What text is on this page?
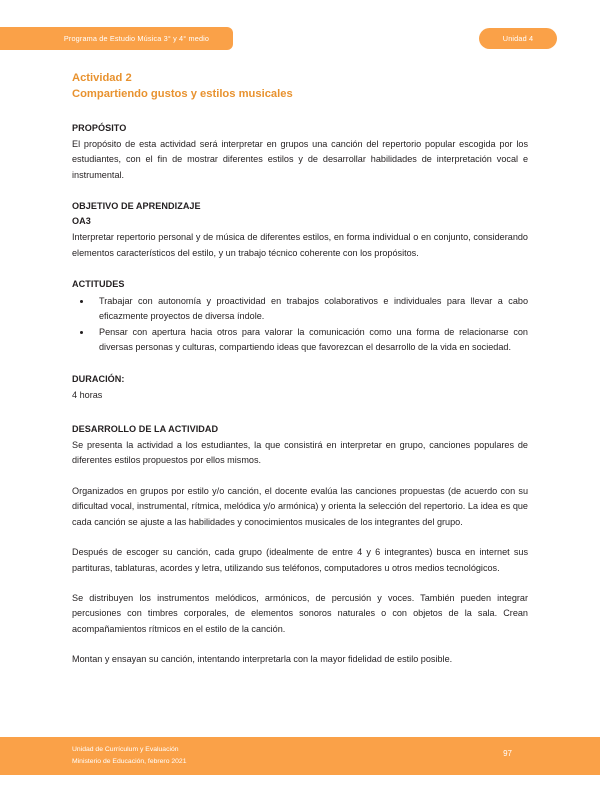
Programa de Estudio Música 3° y 4° medio	Unidad 4
Actividad 2
Compartiendo gustos y estilos musicales
PROPÓSITO

El propósito de esta actividad será interpretar en grupos una canción del repertorio popular escogida por los estudiantes, con el fin de mostrar diferentes estilos y de desarrollar habilidades de interpretación vocal e instrumental.

OBJETIVO DE APRENDIZAJE
OA3

Interpretar repertorio personal y de música de diferentes estilos, en forma individual o en conjunto, considerando elementos característicos del estilo, y un trabajo técnico coherente con los propósitos.

ACTITUDES
Trabajar con autonomía y proactividad en trabajos colaborativos e individuales para llevar a cabo eficazmente proyectos de diversa índole.
Pensar con apertura hacia otros para valorar la comunicación como una forma de relacionarse con diversas personas y culturas, compartiendo ideas que favorezcan el desarrollo de la vida en sociedad.
DURACIÓN:

4 horas

DESARROLLO DE LA ACTIVIDAD

Se presenta la actividad a los estudiantes, la que consistirá en interpretar en grupo, canciones populares de diferentes estilos propuestos por ellos mismos.

Organizados en grupos por estilo y/o canción, el docente evalúa las canciones propuestas (de acuerdo con su dificultad vocal, instrumental, rítmica, melódica y/o armónica) y orienta la selección del repertorio. La idea es que cada canción se ajuste a las habilidades y conocimientos musicales de los integrantes del grupo.

Después de escoger su canción, cada grupo (idealmente de entre 4 y 6 integrantes) busca en internet sus partituras, tablaturas, acordes y letra, utilizando sus teléfonos, computadores u otros medios tecnológicos.

Se distribuyen los instrumentos melódicos, armónicos, de percusión y voces. También pueden integrar percusiones con timbres corporales, de elementos sonoros naturales o con objetos de la sala. Crean acompañamientos rítmicos en el estilo de la canción.

Montan y ensayan su canción, intentando interpretarla con la mayor fidelidad de estilo posible.

Unidad de Currículum y Evaluación
Ministerio de Educación, febrero 2021
97
